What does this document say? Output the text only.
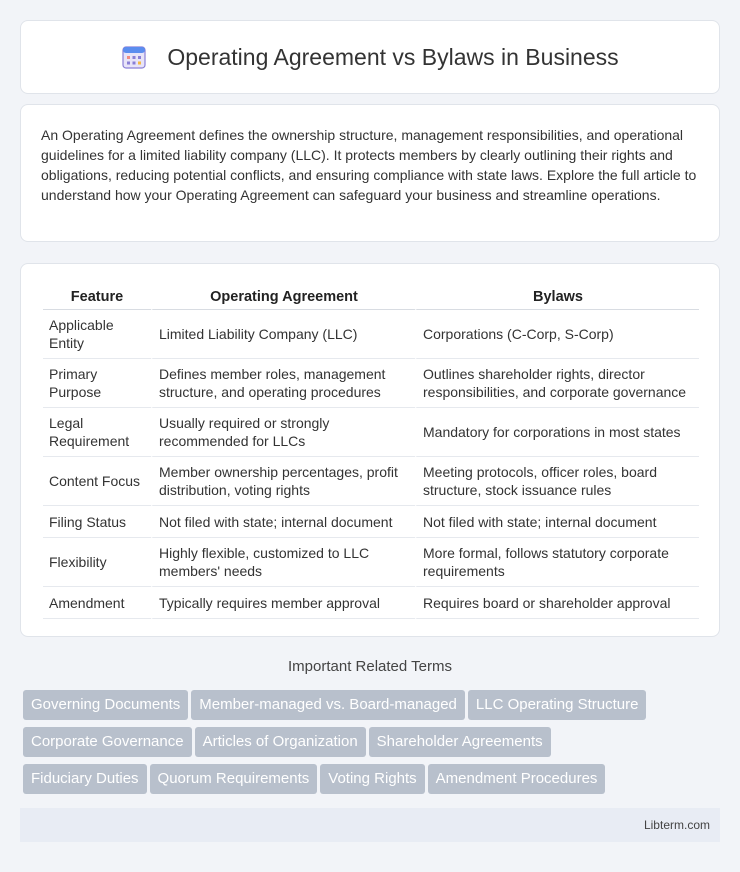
Operating Agreement vs Bylaws in Business

An Operating Agreement defines the ownership structure, management responsibilities, and operational guidelines for a limited liability company (LLC). It protects members by clearly outlining their rights and obligations, reducing potential conflicts, and ensuring compliance with state laws. Explore the full article to understand how your Operating Agreement can safeguard your business and streamline operations.

Feature	Operating Agreement	Bylaws
Applicable Entity	Limited Liability Company (LLC)	Corporations (C-Corp, S-Corp)
Primary Purpose	Defines member roles, management structure, and operating procedures	Outlines shareholder rights, director responsibilities, and corporate governance
Legal Requirement	Usually required or strongly recommended for LLCs	Mandatory for corporations in most states
Content Focus	Member ownership percentages, profit distribution, voting rights	Meeting protocols, officer roles, board structure, stock issuance rules
Filing Status	Not filed with state; internal document	Not filed with state; internal document
Flexibility	Highly flexible, customized to LLC members' needs	More formal, follows statutory corporate requirements
Amendment	Typically requires member approval	Requires board or shareholder approval
Important Related Terms
Governing Documents Member-managed vs. Board-managed LLC Operating Structure
Corporate Governance Articles of Organization Shareholder Agreements
Fiduciary Duties Quorum Requirements Voting Rights Amendment Procedures
Libterm.com
